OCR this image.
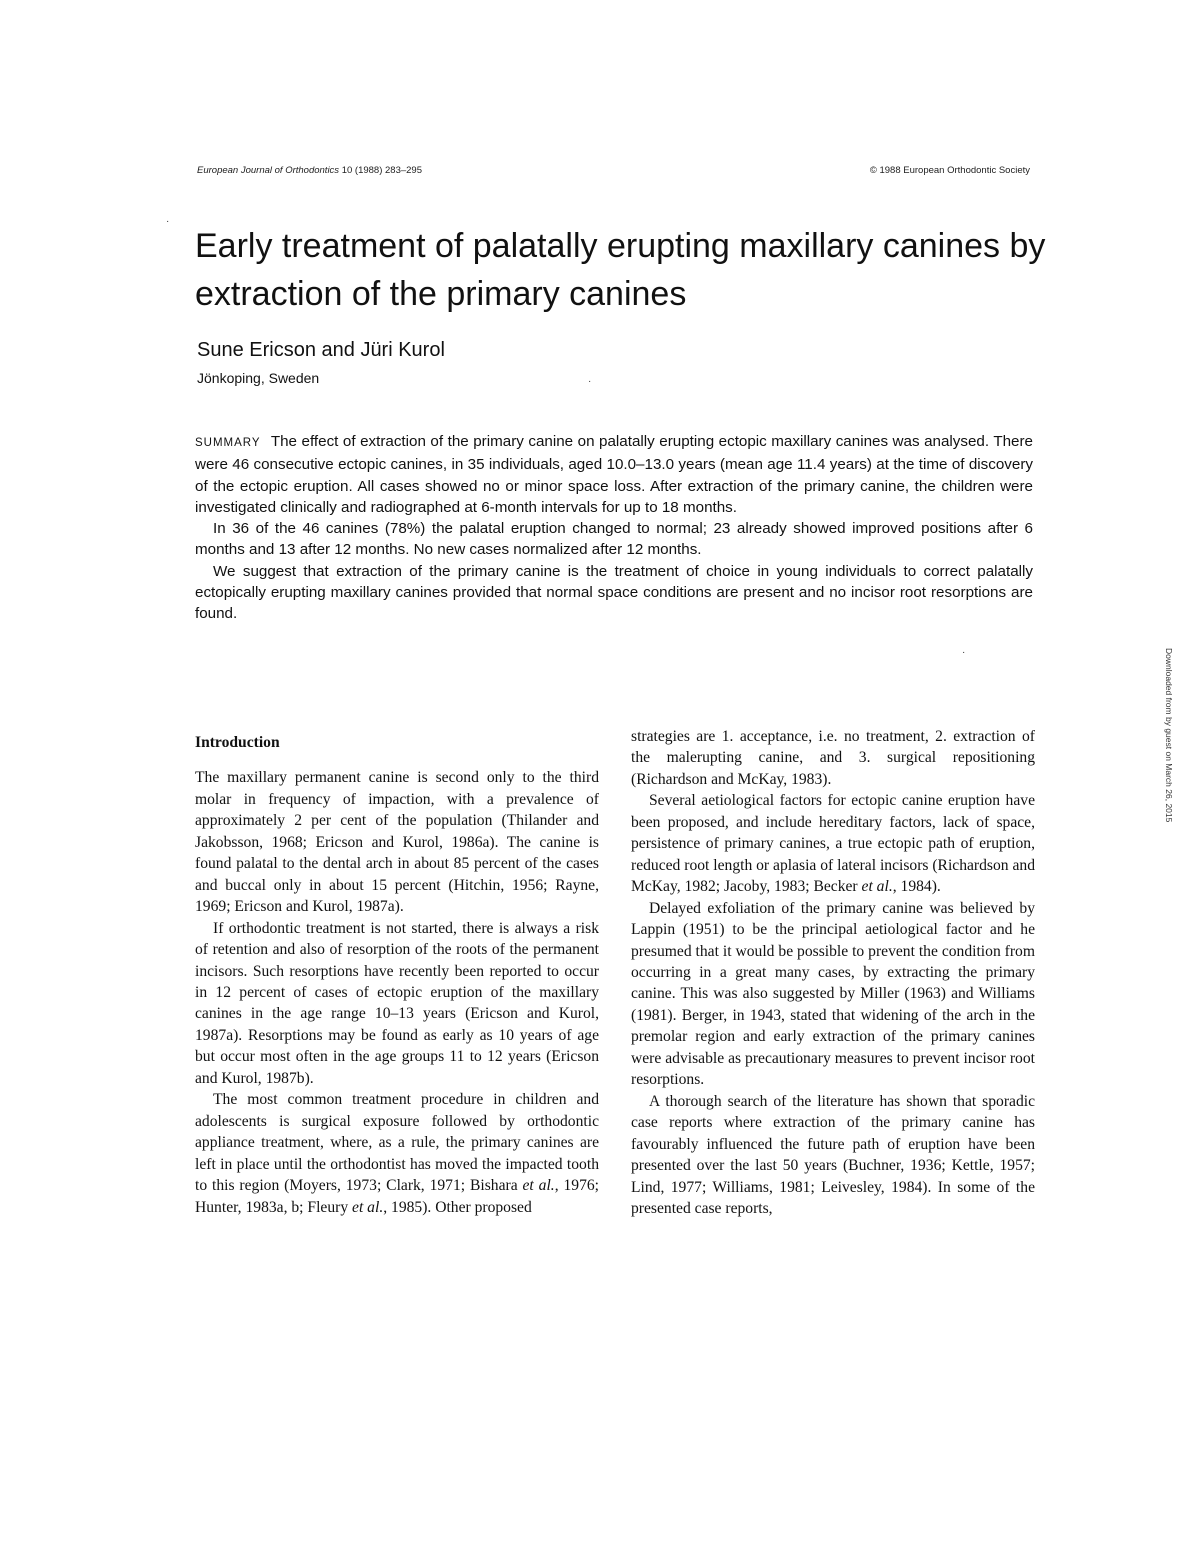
European Journal of Orthodontics 10 (1988) 283–295	© 1988 European Orthodontic Society
·
·
·
Early treatment of palatally erupting maxillary canines by extraction of the primary canines
Sune Ericson and Jüri Kurol
Jönkoping, Sweden

SUMMARY The effect of extraction of the primary canine on palatally erupting ectopic maxillary canines was analysed. There were 46 consecutive ectopic canines, in 35 individuals, aged 10.0–13.0 years (mean age 11.4 years) at the time of discovery of the ectopic eruption. All cases showed no or minor space loss. After extraction of the primary canine, the children were investigated clinically and radiographed at 6-month intervals for up to 18 months.

In 36 of the 46 canines (78%) the palatal eruption changed to normal; 23 already showed improved positions after 6 months and 13 after 12 months. No new cases normalized after 12 months.

We suggest that extraction of the primary canine is the treatment of choice in young individuals to correct palatally ectopically erupting maxillary canines provided that normal space conditions are present and no incisor root resorptions are found.

Introduction

The maxillary permanent canine is second only to the third molar in frequency of impaction, with a prevalence of approximately 2 per cent of the population (Thilander and Jakobsson, 1968; Ericson and Kurol, 1986a). The canine is found palatal to the dental arch in about 85 percent of the cases and buccal only in about 15 percent (Hitchin, 1956; Rayne, 1969; Ericson and Kurol, 1987a).

If orthodontic treatment is not started, there is always a risk of retention and also of resorption of the roots of the permanent incisors. Such resorptions have recently been reported to occur in 12 percent of cases of ectopic eruption of the maxillary canines in the age range 10–13 years (Ericson and Kurol, 1987a). Resorptions may be found as early as 10 years of age but occur most often in the age groups 11 to 12 years (Ericson and Kurol, 1987b).

The most common treatment procedure in children and adolescents is surgical exposure followed by orthodontic appliance treatment, where, as a rule, the primary canines are left in place until the orthodontist has moved the impacted tooth to this region (Moyers, 1973; Clark, 1971; Bishara et al., 1976; Hunter, 1983a, b; Fleury et al., 1985). Other proposed

strategies are 1. acceptance, i.e. no treatment, 2. extraction of the malerupting canine, and 3. surgical repositioning (Richardson and McKay, 1983).

Several aetiological factors for ectopic canine eruption have been proposed, and include hereditary factors, lack of space, persistence of primary canines, a true ectopic path of eruption, reduced root length or aplasia of lateral incisors (Richardson and McKay, 1982; Jacoby, 1983; Becker et al., 1984).

Delayed exfoliation of the primary canine was believed by Lappin (1951) to be the principal aetiological factor and he presumed that it would be possible to prevent the condition from occurring in a great many cases, by extracting the primary canine. This was also suggested by Miller (1963) and Williams (1981). Berger, in 1943, stated that widening of the arch in the premolar region and early extraction of the primary canines were advisable as precautionary measures to prevent incisor root resorptions.

A thorough search of the literature has shown that sporadic case reports where extraction of the primary canine has favourably influenced the future path of eruption have been presented over the last 50 years (Buchner, 1936; Kettle, 1957; Lind, 1977; Williams, 1981; Leivesley, 1984). In some of the presented case reports,

Downloaded from by guest on March 26, 2015
